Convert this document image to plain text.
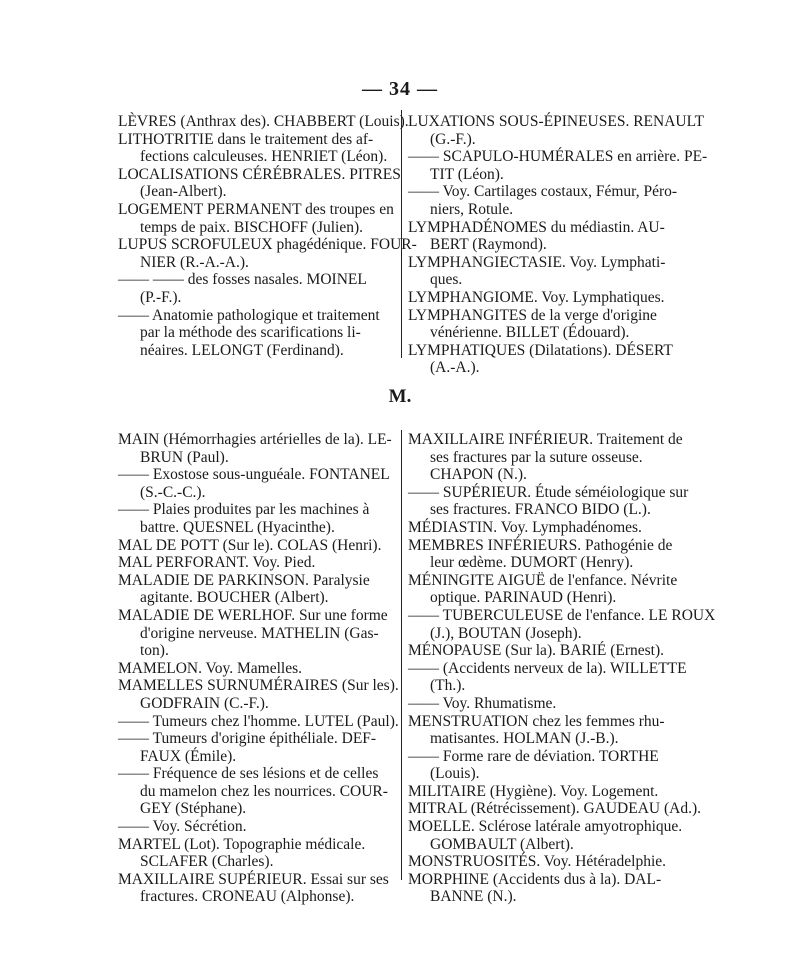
— 34 —
LÈVRES (Anthrax des). CHABBERT (Louis).
LITHOTRITIE dans le traitement des af-
fections calculeuses. HENRIET (Léon).
LOCALISATIONS CÉRÉBRALES. PITRES
(Jean-Albert).
LOGEMENT PERMANENT des troupes en
temps de paix. BISCHOFF (Julien).
LUPUS SCROFULEUX phagédénique. FOUR-
NIER (R.-A.-A.).
—— —— des fosses nasales. MOINEL
(P.-F.).
—— Anatomie pathologique et traitement
par la méthode des scarifications li-
néaires. LELONGT (Ferdinand).
LUXATIONS SOUS-ÉPINEUSES. RENAULT
(G.-F.).
—— SCAPULO-HUMÉRALES en arrière. PE-
TIT (Léon).
—— Voy. Cartilages costaux, Fémur, Péro-
niers, Rotule.
LYMPHADÉNOMES du médiastin. AU-
BERT (Raymond).
LYMPHANGIECTASIE. Voy. Lymphati-
ques.
LYMPHANGIOME. Voy. Lymphatiques.
LYMPHANGITES de la verge d'origine
vénérienne. BILLET (Édouard).
LYMPHATIQUES (Dilatations). DÉSERT
(A.-A.).
M.
MAIN (Hémorrhagies artérielles de la). LE-
BRUN (Paul).
—— Exostose sous-unguéale. FONTANEL
(S.-C.-C.).
—— Plaies produites par les machines à
battre. QUESNEL (Hyacinthe).
MAL DE POTT (Sur le). COLAS (Henri).
MAL PERFORANT. Voy. Pied.
MALADIE DE PARKINSON. Paralysie
agitante. BOUCHER (Albert).
MALADIE DE WERLHOF. Sur une forme
d'origine nerveuse. MATHELIN (Gas-
ton).
MAMELON. Voy. Mamelles.
MAMELLES SURNUMÉRAIRES (Sur les).
GODFRAIN (C.-F.).
—— Tumeurs chez l'homme. LUTEL (Paul).
—— Tumeurs d'origine épithéliale. DEF-
FAUX (Émile).
—— Fréquence de ses lésions et de celles
du mamelon chez les nourrices. COUR-
GEY (Stéphane).
—— Voy. Sécrétion.
MARTEL (Lot). Topographie médicale.
SCLAFER (Charles).
MAXILLAIRE SUPÉRIEUR. Essai sur ses
fractures. CRONEAU (Alphonse).
MAXILLAIRE INFÉRIEUR. Traitement de
ses fractures par la suture osseuse.
CHAPON (N.).
—— SUPÉRIEUR. Étude séméiologique sur
ses fractures. FRANCO BIDO (L.).
MÉDIASTIN. Voy. Lymphadénomes.
MEMBRES INFÉRIEURS. Pathogénie de
leur œdème. DUMORT (Henry).
MÉNINGITE AIGUË de l'enfance. Névrite
optique. PARINAUD (Henri).
—— TUBERCULEUSE de l'enfance. LE ROUX
(J.), BOUTAN (Joseph).
MÉNOPAUSE (Sur la). BARIÉ (Ernest).
—— (Accidents nerveux de la). WILLETTE
(Th.).
—— Voy. Rhumatisme.
MENSTRUATION chez les femmes rhu-
matisantes. HOLMAN (J.-B.).
—— Forme rare de déviation. TORTHE
(Louis).
MILITAIRE (Hygiène). Voy. Logement.
MITRAL (Rétrécissement). GAUDEAU (Ad.).
MOELLE. Sclérose latérale amyotrophique.
GOMBAULT (Albert).
MONSTRUOSITÉS. Voy. Hétéradelphie.
MORPHINE (Accidents dus à la). DAL-
BANNE (N.).
